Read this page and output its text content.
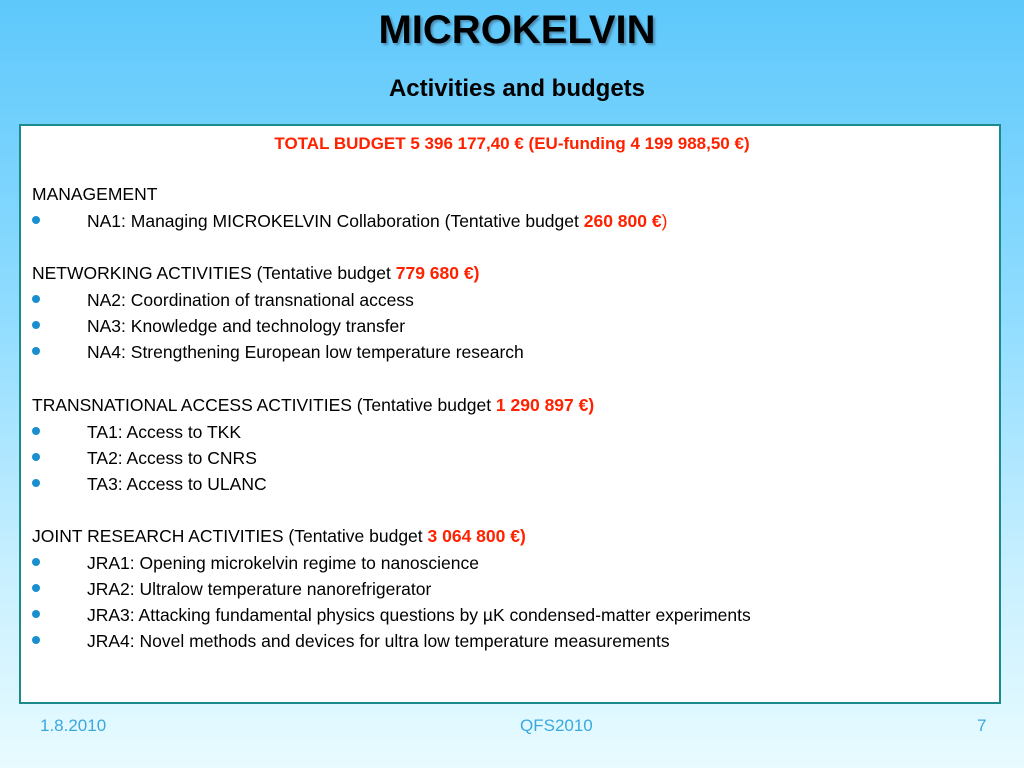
MICROKELVIN
Activities and budgets
TOTAL BUDGET 5 396 177,40 € (EU-funding 4 199 988,50 €)
MANAGEMENT
NA1: Managing MICROKELVIN Collaboration (Tentative budget 260 800 €)
NETWORKING ACTIVITIES (Tentative budget 779 680 €)
NA2: Coordination of transnational access
NA3: Knowledge and technology transfer
NA4: Strengthening European low temperature research
TRANSNATIONAL ACCESS ACTIVITIES (Tentative budget 1 290 897 €)
TA1: Access to TKK
TA2: Access to CNRS
TA3: Access to ULANC
JOINT RESEARCH ACTIVITIES (Tentative budget 3 064 800 €)
JRA1: Opening microkelvin regime to nanoscience
JRA2: Ultralow temperature nanorefrigerator
JRA3: Attacking fundamental physics questions by µK condensed-matter experiments
JRA4: Novel methods and devices for ultra low temperature measurements
1.8.2010	QFS2010	7
